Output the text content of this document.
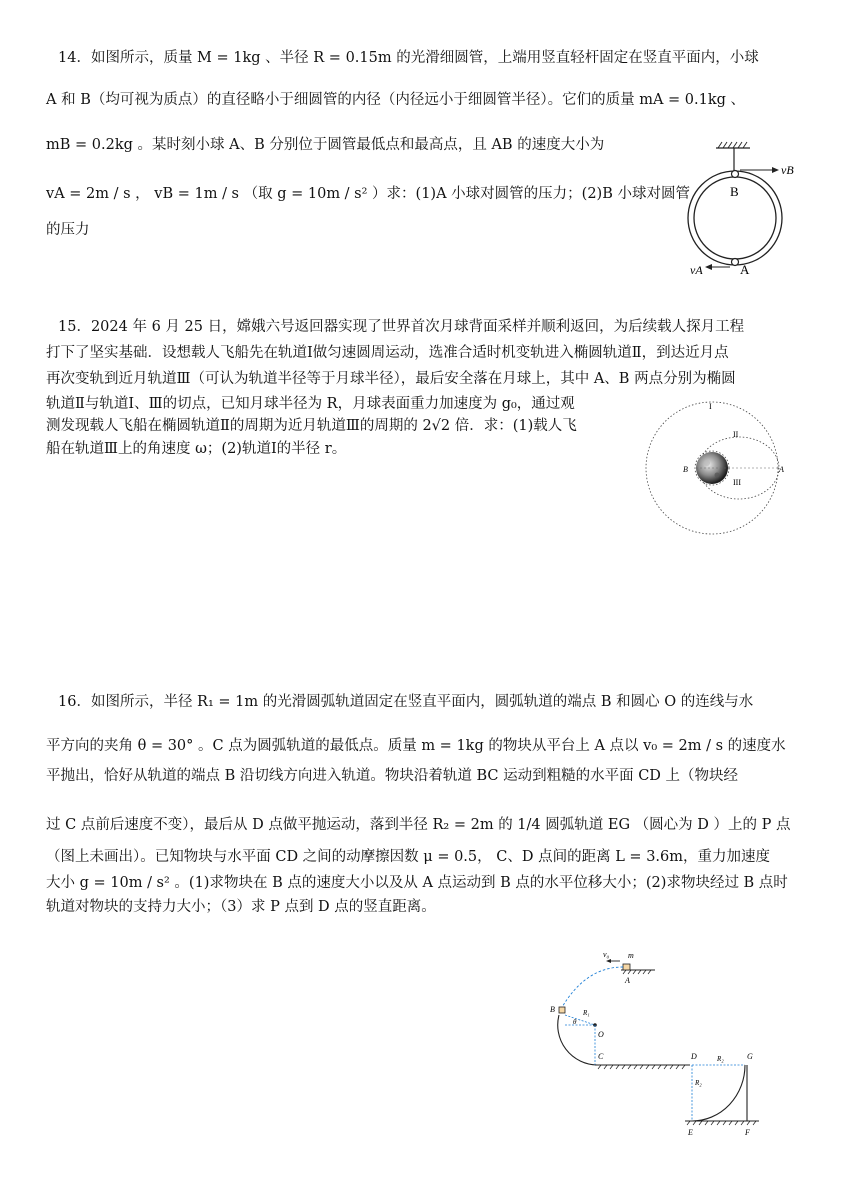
14．如图所示，质量 M = 1kg 、半径 R = 0.15m 的光滑细圆管，上端用竖直轻杆固定在竖直平面内，小球
A 和 B（均可视为质点）的直径略小于细圆管的内径（内径远小于细圆管半径）。它们的质量 mA = 0.1kg 、
mB = 0.2kg 。某时刻小球 A、B 分别位于圆管最低点和最高点，且 AB 的速度大小为
vA = 2m / s ， vB = 1m / s （取 g = 10m / s² ）求：(1)A 小球对圆管的压力；(2)B 小球对圆管
的压力
vB
B
vA	A
15．2024 年 6 月 25 日，嫦娥六号返回器实现了世界首次月球背面采样并顺利返回，为后续载人探月工程
打下了坚实基础．设想载人飞船先在轨道Ⅰ做匀速圆周运动，选准合适时机变轨进入椭圆轨道Ⅱ，到达近月点
再次变轨到近月轨道Ⅲ（可认为轨道半径等于月球半径），最后安全落在月球上，其中 A、B 两点分别为椭圆
轨道Ⅱ与轨道Ⅰ、Ⅲ的切点，已知月球半径为 R，月球表面重力加速度为 g₀，通过观
测发现载人飞船在椭圆轨道Ⅱ的周期为近月轨道Ⅲ的周期的 2√2 倍．求：(1)载人飞
船在轨道Ⅲ上的角速度 ω；(2)轨道Ⅰ的半径 r。
I
II
III
A
B
16．如图所示，半径 R₁ = 1m 的光滑圆弧轨道固定在竖直平面内，圆弧轨道的端点 B 和圆心 O 的连线与水
平方向的夹角 θ = 30° 。C 点为圆弧轨道的最低点。质量 m = 1kg 的物块从平台上 A 点以 v₀ = 2m / s 的速度水
平抛出，恰好从轨道的端点 B 沿切线方向进入轨道。物块沿着轨道 BC 运动到粗糙的水平面 CD 上（物块经
过 C 点前后速度不变），最后从 D 点做平抛运动，落到半径 R₂ = 2m 的 1/4 圆弧轨道 EG （圆心为 D ）上的 P 点
（图上未画出）。已知物块与水平面 CD 之间的动摩擦因数 μ = 0.5， C、D 点间的距离 L = 3.6m，重力加速度
大小 g = 10m / s² 。(1)求物块在 B 点的速度大小以及从 A 点运动到 B 点的水平位移大小；(2)求物块经过 B 点时
轨道对物块的支持力大小；（3）求 P 点到 D 点的竖直距离。
v₀ m
A
B	R₁
θ
O
C	D	R₂	G
R₂
E	F
